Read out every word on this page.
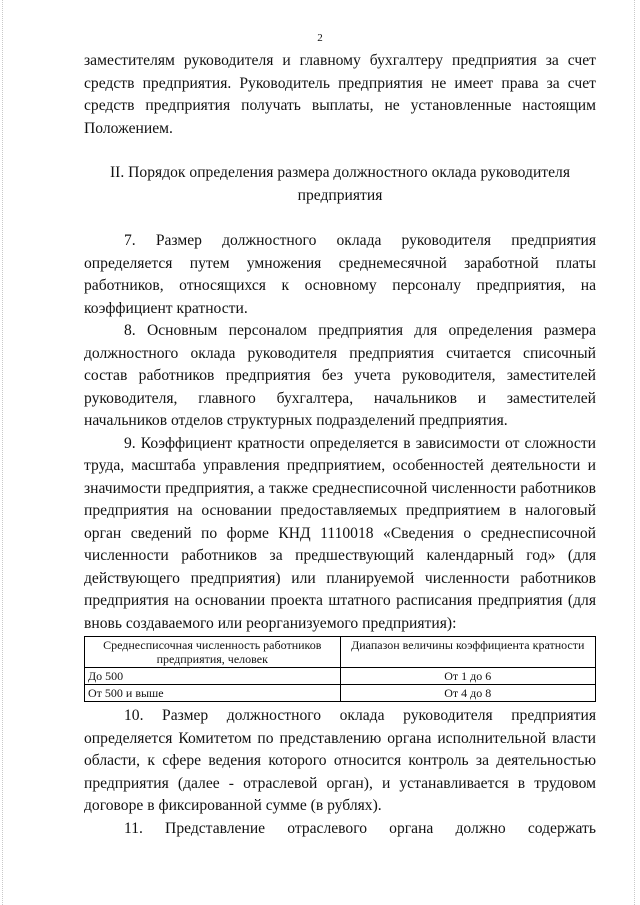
2

заместителям руководителя и главному бухгалтеру предприятия за счет средств предприятия. Руководитель предприятия не имеет права за счет средств предприятия получать выплаты, не установленные настоящим Положением.

II. Порядок определения размера должностного оклада руководителя
предприятия

7. Размер должностного оклада руководителя предприятия определяется путем умножения среднемесячной заработной платы работников, относящихся к основному персоналу предприятия, на коэффициент кратности.

8. Основным персоналом предприятия для определения размера должностного оклада руководителя предприятия считается списочный состав работников предприятия без учета руководителя, заместителей руководителя, главного бухгалтера, начальников и заместителей начальников отделов структурных подразделений предприятия.

9. Коэффициент кратности определяется в зависимости от сложности труда, масштаба управления предприятием, особенностей деятельности и значимости предприятия, а также среднесписочной численности работников предприятия на основании предоставляемых предприятием в налоговый орган сведений по форме КНД 1110018 «Сведения о среднесписочной численности работников за предшествующий календарный год» (для действующего предприятия) или планируемой численности работников предприятия на основании проекта штатного расписания предприятия (для вновь создаваемого или реорганизуемого предприятия):

Среднесписочная численность работников предприятия, человек	Диапазон величины коэффициента кратности
До 500	От 1 до 6
От 500 и выше	От 4 до 8

10. Размер должностного оклада руководителя предприятия определяется Комитетом по представлению органа исполнительной власти области, к сфере ведения которого относится контроль за деятельностью предприятия (далее - отраслевой орган), и устанавливается в трудовом договоре в фиксированной сумме (в рублях).

11. Представление отраслевого органа должно содержать
